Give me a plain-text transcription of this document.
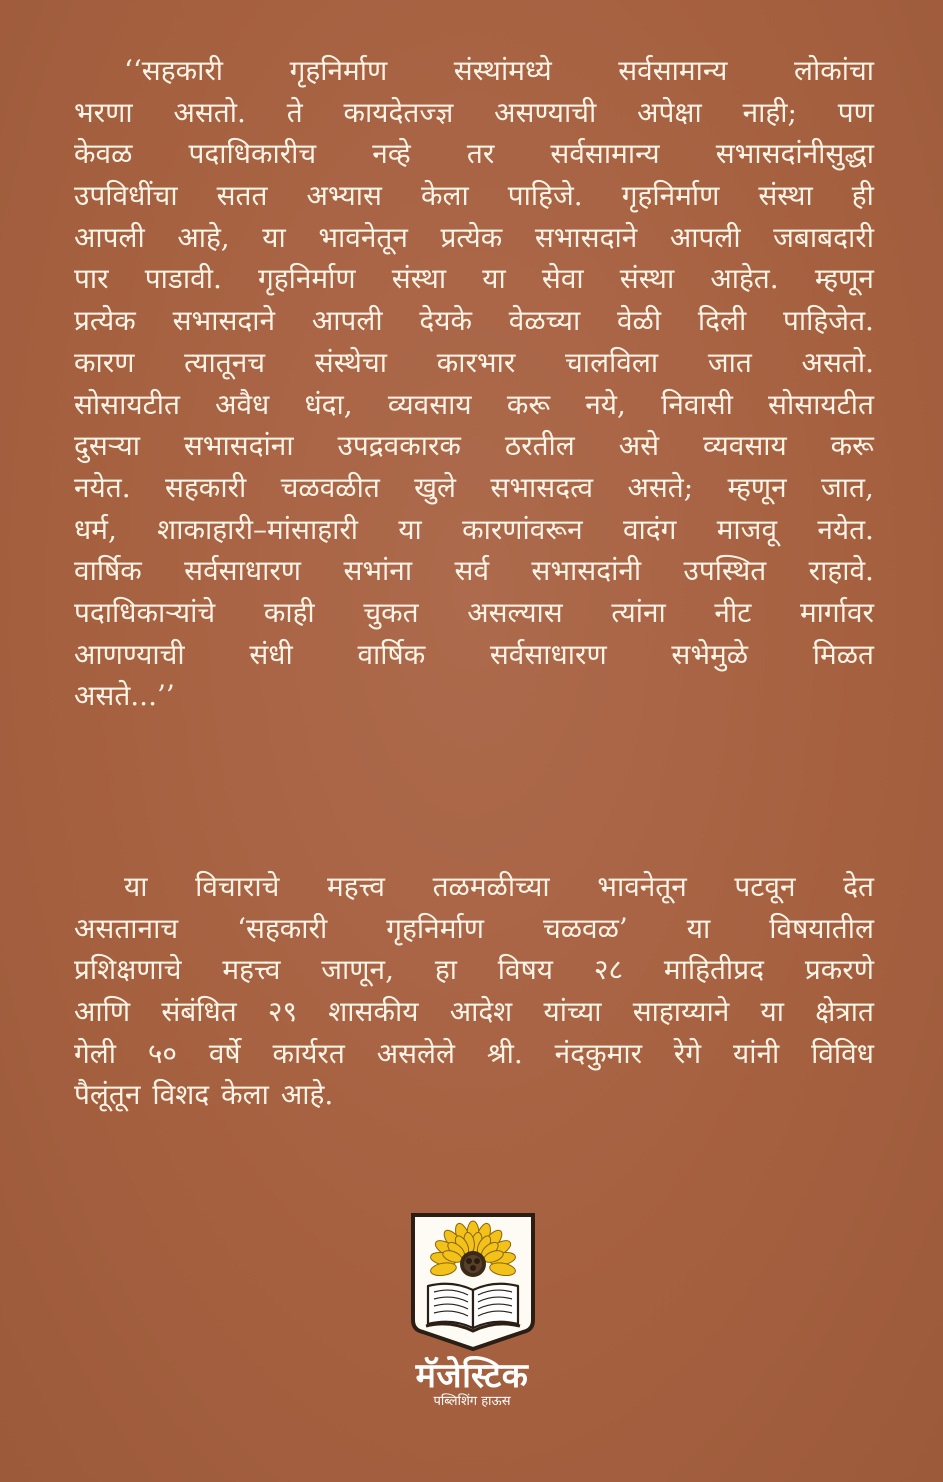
‘‘सहकारी गृहनिर्माण संस्थांमध्ये सर्वसामान्य लोकांचा
भरणा असतो. ते कायदेतज्ज्ञ असण्याची अपेक्षा नाही; पण
केवळ पदाधिकारीच नव्हे तर सर्वसामान्य सभासदांनीसुद्धा
उपविधींचा सतत अभ्यास केला पाहिजे. गृहनिर्माण संस्था ही
आपली आहे, या भावनेतून प्रत्येक सभासदाने आपली जबाबदारी
पार पाडावी. गृहनिर्माण संस्था या सेवा संस्था आहेत. म्हणून
प्रत्येक सभासदाने आपली देयके वेळच्या वेळी दिली पाहिजेत.
कारण त्यातूनच संस्थेचा कारभार चालविला जात असतो.
सोसायटीत अवैध धंदा, व्यवसाय करू नये, निवासी सोसायटीत
दुसऱ्या सभासदांना उपद्रवकारक ठरतील असे व्यवसाय करू
नयेत. सहकारी चळवळीत खुले सभासदत्व असते; म्हणून जात,
धर्म, शाकाहारी–मांसाहारी या कारणांवरून वादंग माजवू नयेत.
वार्षिक सर्वसाधारण सभांना सर्व सभासदांनी उपस्थित राहावे.
पदाधिकाऱ्यांचे काही चुकत असल्यास त्यांना नीट मार्गावर
आणण्याची संधी वार्षिक सर्वसाधारण सभेमुळे मिळत
असते...’’
या विचाराचे महत्त्व तळमळीच्या भावनेतून पटवून देत
असतानाच ‘सहकारी गृहनिर्माण चळवळ’ या विषयातील
प्रशिक्षणाचे महत्त्व जाणून, हा विषय २८ माहितीप्रद प्रकरणे
आणि संबंधित २९ शासकीय आदेश यांच्या साहाय्याने या क्षेत्रात
गेली ५० वर्षे कार्यरत असलेले श्री. नंदकुमार रेगे यांनी विविध
पैलूंतून विशद केला आहे.
मॅजेस्टिक
पब्लिशिंग हाऊस
